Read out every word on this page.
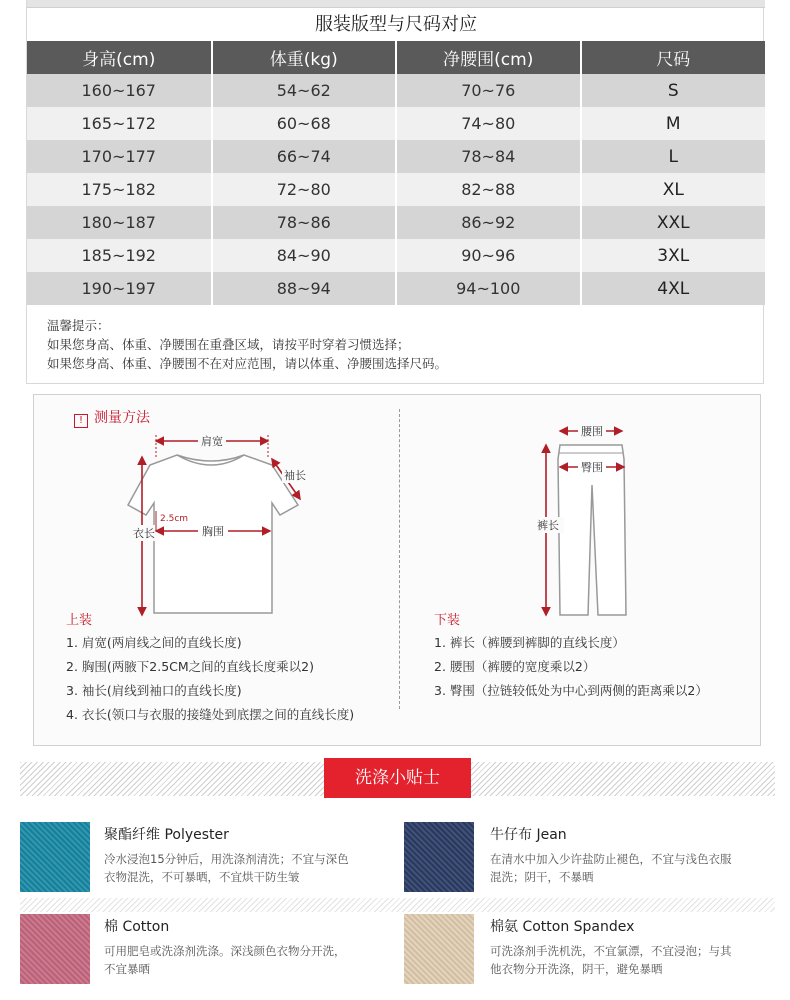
服装版型与尺码对应
身高(cm)	体重(kg)	净腰围(cm)	尺码
160~167	54~62	70~76	S
165~172	60~68	74~80	M
170~177	66~74	78~84	L
175~182	72~80	82~88	XL
180~187	78~86	86~92	XXL
185~192	84~90	90~96	3XL
190~197	88~94	94~100	4XL
温馨提示：
如果您身高、体重、净腰围在重叠区域，请按平时穿着习惯选择；
如果您身高、体重、净腰围不在对应范围，请以体重、净腰围选择尺码。
! 测量方法
肩宽
袖长
衣长	胸围
2.5cm
上装
1. 肩宽(两肩线之间的直线长度)
2. 胸围(两腋下2.5CM之间的直线长度乘以2)
3. 袖长(肩线到袖口的直线长度)
4. 衣长(领口与衣服的接缝处到底摆之间的直线长度)
腰围
臀围
裤长
下装
1. 裤长（裤腰到裤脚的直线长度）
2. 腰围（裤腰的宽度乘以2）
3. 臀围（拉链较低处为中心到两侧的距离乘以2）
洗涤小贴士
聚酯纤维 Polyester
冷水浸泡15分钟后，用洗涤剂清洗；不宜与深色
衣物混洗，不可暴晒，不宜烘干防生皱
牛仔布 Jean
在清水中加入少许盐防止褪色，不宜与浅色衣服
混洗；阴干，不暴晒
棉 Cotton
可用肥皂或洗涤剂洗涤。深浅颜色衣物分开洗，
不宜暴晒
棉氨 Cotton Spandex
可洗涤剂手洗机洗，不宜氯漂，不宜浸泡；与其
他衣物分开洗涤，阴干，避免暴晒
